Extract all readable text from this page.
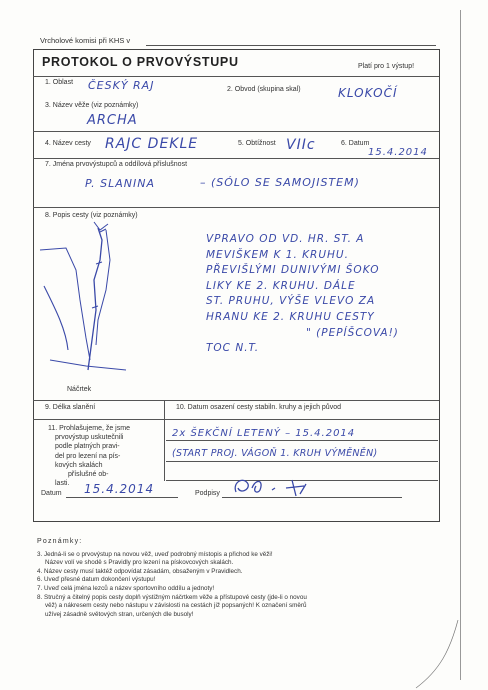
Vrcholové komisi při KHS v
PROTOKOL O PRVOVÝSTUPU	Platí pro 1 výstup!
1. Oblast ČESKÝ RAJ	2. Obvod (skupina skal)	KLOKOČÍ
3. Název věže (viz poznámky)
ARCHA
4. Název cesty RAJC DEKLE	5. Obtížnost VIIc	6. Datum
15.4.2014
7. Jména prvovýstupců a oddílová příslušnost
P. SLANINA	– (SÓLO SE SAMOJISTEM)
8. Popis cesty (viz poznámky)
VPRAVO OD VD. HR. ST. A
MEVIŠKEM K 1. KRUHU.
PŘEVIŠLÝMI DUNIVÝMI ŠOKO
LIKY KE 2. KRUHU. DÁLE
ST. PRUHU, VÝŠE VLEVO ZA
HRANU KE 2. KRUHU CESTY
" (PEPÍŠCOVA!)
TOC N.T.
Náčrtek
9. Délka slanění	10. Datum osazení cesty stabiln. kruhy a jejich původ
11. Prohlašujeme, že jsme
prvovýstup uskutečnili
podle platných pravi-
del pro lezení na pís-
kových skalách
příslušné ob-
lasti.
2x ŠEKČNÍ LETENÝ – 15.4.2014
(START PROJ. VÁGOŇ 1. KRUH VÝMĚNĚN)
Datum 15.4.2014	Podpisy
Poznámky:
3. Jedná-li se o prvovýstup na novou věž, uveď podrobný místopis a přichod ke věži!
Název volí ve shodě s Pravidly pro lezení na pískovcových skalách.
4. Název cesty musí taktéž odpovídat zásadám, obsaženým v Pravidlech.
6. Uveď přesné datum dokončení výstupu!
7. Uveď celá jména lezců a název sportovního oddílu a jednoty!
8. Stručný a čitelný popis cesty doplň výstižným náčrtkem věže a přístupové cesty (jde-li o novou
věž) a nákresem cesty nebo nástupu v závislosti na cestách již popsaných! K označení směrů
užívej zásadně světových stran, určených dle busoly!
